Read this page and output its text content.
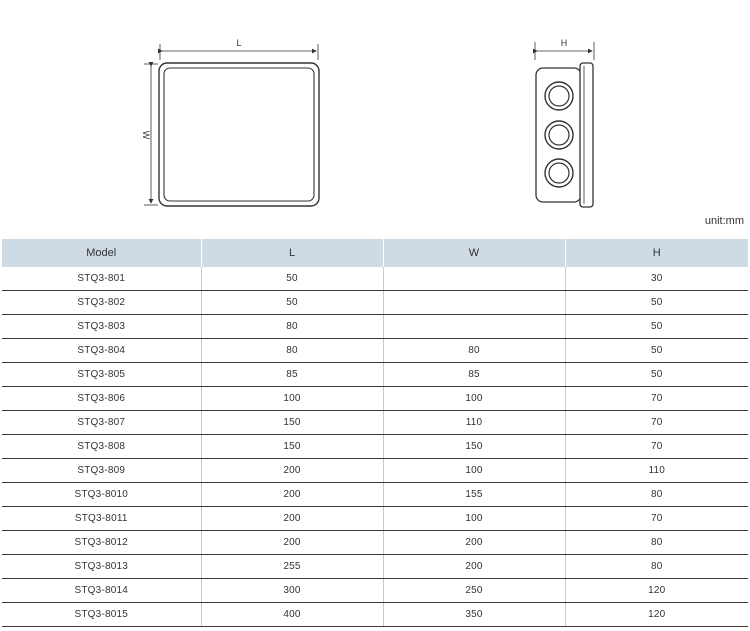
L
W
H
unit:mm
Model	L	W	H
STQ3-801	50		30
STQ3-802	50		50
STQ3-803	80		50
STQ3-804	80	80	50
STQ3-805	85	85	50
STQ3-806	100	100	70
STQ3-807	150	110	70
STQ3-808	150	150	70
STQ3-809	200	100	110
STQ3-8010	200	155	80
STQ3-8011	200	100	70
STQ3-8012	200	200	80
STQ3-8013	255	200	80
STQ3-8014	300	250	120
STQ3-8015	400	350	120
